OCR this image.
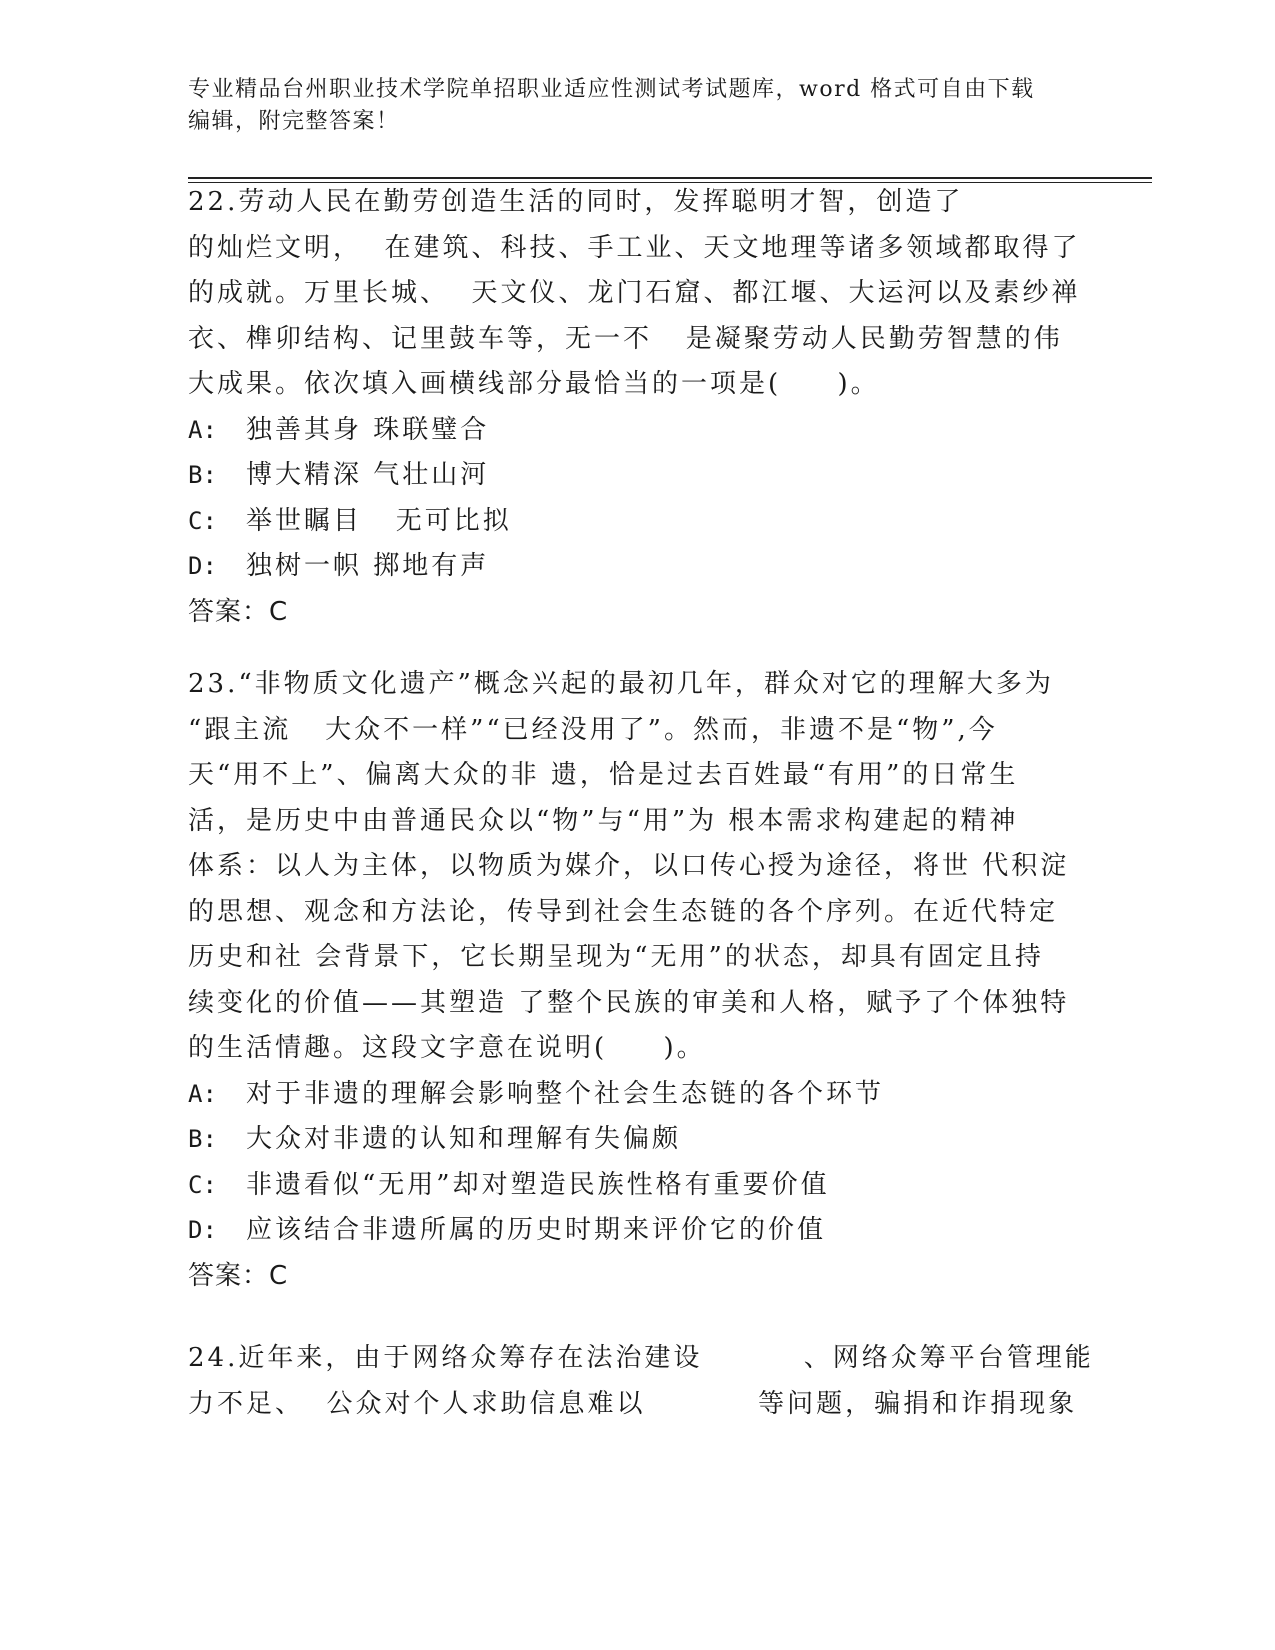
专业精品台州职业技术学院单招职业适应性测试考试题库，word 格式可自由下载
编辑，附完整答案！
22.劳动人民在勤劳创造生活的同时，发挥聪明才智，创造了
的灿烂文明，  在建筑、科技、手工业、天文地理等诸多领域都取得了
的成就。万里长城、  天文仪、龙门石窟、都江堰、大运河以及素纱禅
衣、榫卯结构、记里鼓车等，无一不   是凝聚劳动人民勤劳智慧的伟
大成果。依次填入画横线部分最恰当的一项是(     )。
A:	独善其身 珠联璧合
B:	博大精深 气壮山河
C:	举世瞩目   无可比拟
D:	独树一帜 掷地有声
答案：C
23.“非物质文化遗产”概念兴起的最初几年，群众对它的理解大多为
“跟主流   大众不一样”“已经没用了”。然而，非遗不是“物”,今
天“用不上”、偏离大众的非 遗，恰是过去百姓最“有用”的日常生
活，是历史中由普通民众以“物”与“用”为 根本需求构建起的精神
体系：以人为主体，以物质为媒介，以口传心授为途径，将世 代积淀
的思想、观念和方法论，传导到社会生态链的各个序列。在近代特定
历史和社 会背景下，它长期呈现为“无用”的状态，却具有固定且持
续变化的价值——其塑造 了整个民族的审美和人格，赋予了个体独特
的生活情趣。这段文字意在说明(     )。
A:	对于非遗的理解会影响整个社会生态链的各个环节
B:	大众对非遗的认知和理解有失偏颇
C:	非遗看似“无用”却对塑造民族性格有重要价值
D:	应该结合非遗所属的历史时期来评价它的价值
答案：C
24.近年来，由于网络众筹存在法治建设         、网络众筹平台管理能
力不足、  公众对个人求助信息难以          等问题，骗捐和诈捐现象
